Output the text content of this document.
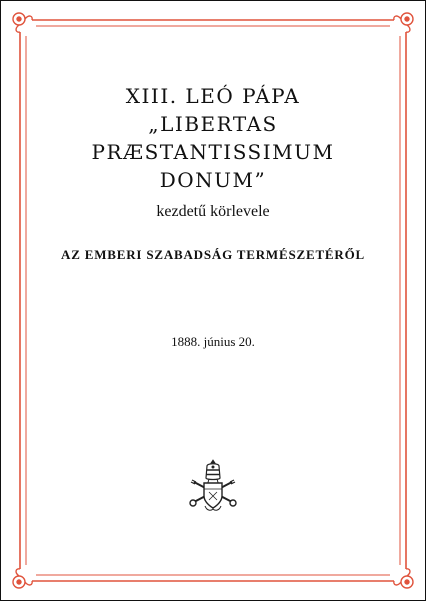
XIII. LEÓ PÁPA
„LIBERTAS
PRÆSTANTISSIMUM
DONUM”
kezdetű körlevele
AZ EMBERI SZABADSÁG TERMÉSZETÉRŐL
1888. június 20.
